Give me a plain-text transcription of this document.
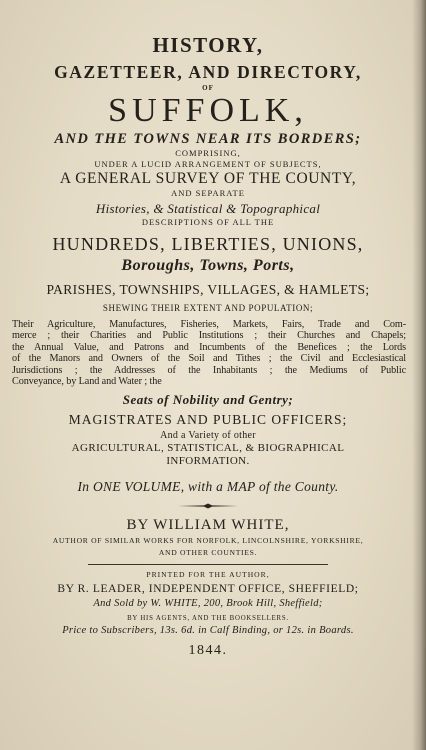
HISTORY,
GAZETTEER, AND DIRECTORY,
OF
SUFFOLK,
AND THE TOWNS NEAR ITS BORDERS;
COMPRISING,
UNDER A LUCID ARRANGEMENT OF SUBJECTS,
A GENERAL SURVEY OF THE COUNTY,
AND SEPARATE
Histories, & Statistical & Topographical
DESCRIPTIONS OF ALL THE
HUNDREDS, LIBERTIES, UNIONS,
Boroughs, Towns, Ports,
PARISHES, TOWNSHIPS, VILLAGES, & HAMLETS;
SHEWING THEIR EXTENT AND POPULATION;
Their Agriculture, Manufactures, Fisheries, Markets, Fairs, Trade and Com-
merce ; their Charities and Public Institutions ; their Churches and Chapels;
the Annual Value, and Patrons and Incumbents of the Benefices ; the Lords
of the Manors and Owners of the Soil and Tithes ; the Civil and Ecclesiastical
Jurisdictions ; the Addresses of the Inhabitants ; the Mediums of Public
Conveyance, by Land and Water ; the
Seats of Nobility and Gentry;
MAGISTRATES AND PUBLIC OFFICERS;
And a Variety of other
AGRICULTURAL, STATISTICAL, & BIOGRAPHICAL
INFORMATION.
In ONE VOLUME, with a MAP of the County.
BY WILLIAM WHITE,
AUTHOR OF SIMILAR WORKS FOR NORFOLK, LINCOLNSHIRE, YORKSHIRE,
AND OTHER COUNTIES.
PRINTED FOR THE AUTHOR,
BY R. LEADER, INDEPENDENT OFFICE, SHEFFIELD;
And Sold by W. WHITE, 200, Brook Hill, Sheffield;
BY HIS AGENTS, AND THE BOOKSELLERS.
Price to Subscribers, 13s. 6d. in Calf Binding, or 12s. in Boards.
1844.
